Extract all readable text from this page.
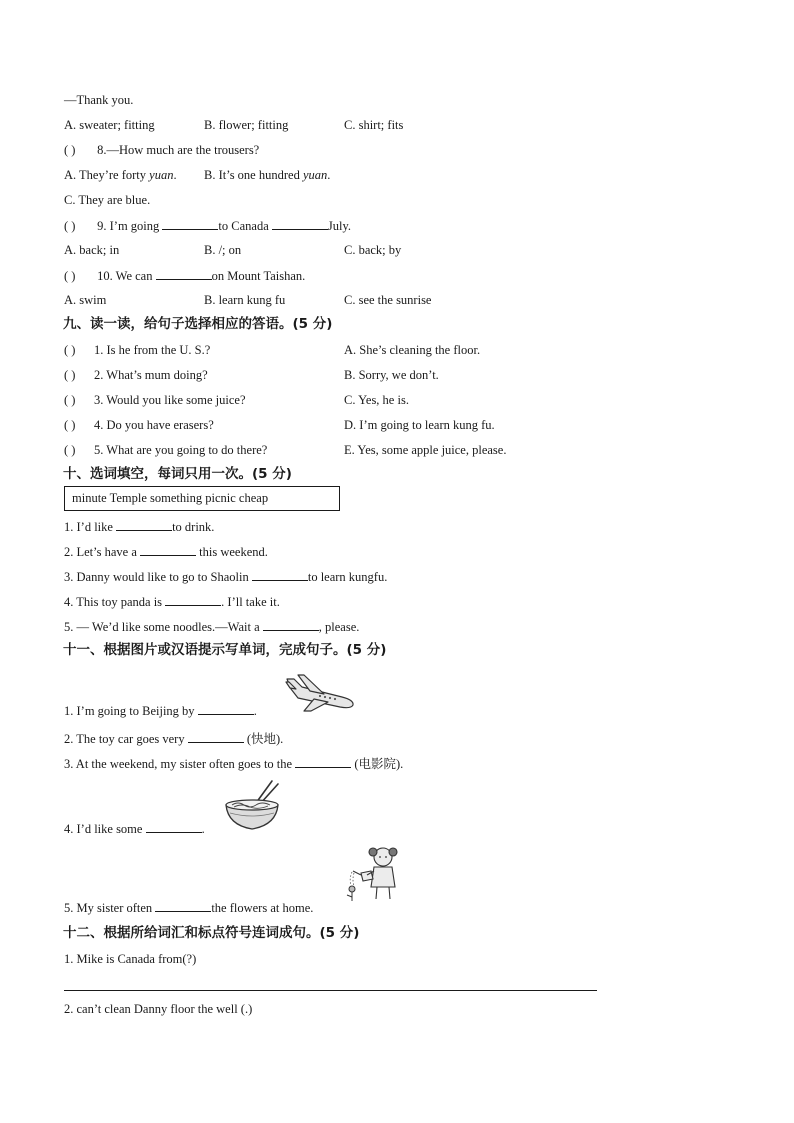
—Thank you.
A. sweater; fitting	B. flower; fitting	C. shirt; fits
( ) 8.—How much are the trousers?
A. They’re forty yuan. B. It’s one hundred yuan.
C. They are blue.
( ) 9. I’m going	to Canada	July.
A. back; in	B. /; on	C. back; by
( ) 10. We can	on Mount Taishan.
A. swim	B. learn kung fu	C. see the sunrise
九、读一读，给句子选择相应的答语。(5 分)
( ) 1. Is he from the U. S.?	A. She’s cleaning the floor.
( ) 2. What’s mum doing?	B. Sorry, we don’t.
( ) 3. Would you like some juice?	C. Yes, he is.
( ) 4. Do you have erasers?	D. I’m going to learn kung fu.
( ) 5. What are you going to do there?	E. Yes, some apple juice, please.
十、选词填空，每词只用一次。(5 分)
minute Temple something picnic cheap
1. I’d like	to drink.
2. Let’s have a	this weekend.
3. Danny would like to go to Shaolin	to learn kungfu.
4. This toy panda is	. I’ll take it.
5. — We’d like some noodles.—Wait a	, please.
十一、根据图片或汉语提示写单词，完成句子。(5 分)
1. I’m going to Beijing by	.
2. The toy car goes very	(快地).
3. At the weekend, my sister often goes to the	(电影院).
4. I’d like some	.
5. My sister often	the flowers at home.
十二、根据所给词汇和标点符号连词成句。(5 分)
1. Mike is Canada from(?)
2. can’t clean Danny floor the well (.)
